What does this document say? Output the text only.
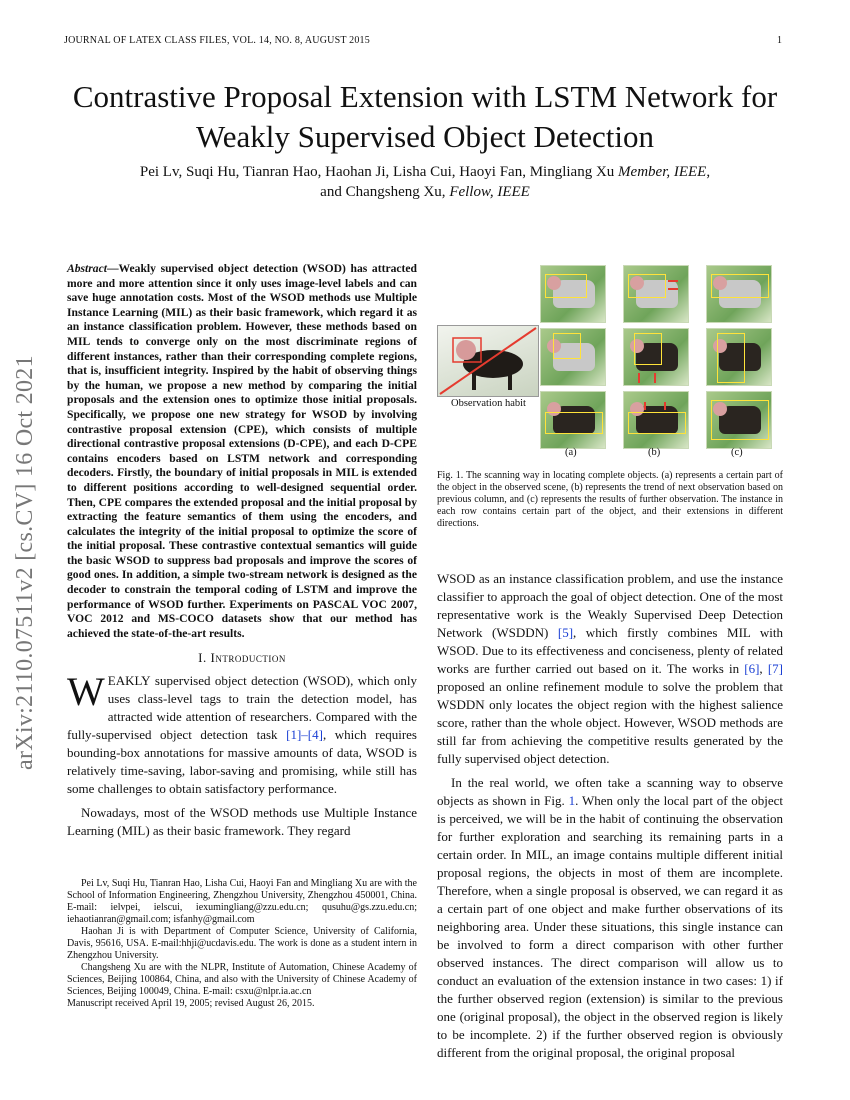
JOURNAL OF LATEX CLASS FILES, VOL. 14, NO. 8, AUGUST 2015	1
Contrastive Proposal Extension with LSTM Network for Weakly Supervised Object Detection
Pei Lv, Suqi Hu, Tianran Hao, Haohan Ji, Lisha Cui, Haoyi Fan, Mingliang Xu Member, IEEE,
and Changsheng Xu, Fellow, IEEE
arXiv:2110.07511v2 [cs.CV] 16 Oct 2021
Abstract—Weakly supervised object detection (WSOD) has attracted more and more attention since it only uses image-level labels and can save huge annotation costs. Most of the WSOD methods use Multiple Instance Learning (MIL) as their basic framework, which regard it as an instance classification problem. However, these methods based on MIL tends to converge only on the most discriminate regions of different instances, rather than their corresponding complete regions, that is, insufficient integrity. Inspired by the habit of observing things by the human, we propose a new method by comparing the initial proposals and the extension ones to optimize those initial proposals. Specifically, we propose one new strategy for WSOD by involving contrastive proposal extension (CPE), which consists of multiple directional contrastive proposal extensions (D-CPE), and each D-CPE contains encoders based on LSTM network and corresponding decoders. Firstly, the boundary of initial proposals in MIL is extended to different positions according to well-designed sequential order. Then, CPE compares the extended proposal and the initial proposal by extracting the feature semantics of them using the encoders, and calculates the integrity of the initial proposal to optimize the score of the initial proposal. These contrastive contextual semantics will guide the basic WSOD to suppress bad proposals and improve the scores of good ones. In addition, a simple two-stream network is designed as the decoder to constrain the temporal coding of LSTM and improve the performance of WSOD further. Experiments on PASCAL VOC 2007, VOC 2012 and MS-COCO datasets show that our method has achieved the state-of-the-art results.
I. Introduction

WEAKLY supervised object detection (WSOD), which only uses class-level tags to train the detection model, has attracted wide attention of researchers. Compared with the fully-supervised object detection task [1]–[4], which requires bounding-box annotations for massive amounts of data, WSOD is relatively time-saving, labor-saving and promising, while still has some challenges to obtain satisfactory performance.

Nowadays, most of the WSOD methods use Multiple Instance Learning (MIL) as their basic framework. They regard

Pei Lv, Suqi Hu, Tianran Hao, Lisha Cui, Haoyi Fan and Mingliang Xu are with the School of Information Engineering, Zhengzhou University, Zhengzhou 450001, China. E-mail: ielvpei, ielscui, iexumingliang@zzu.edu.cn; qusuhu@gs.zzu.edu.cn; iehaotianran@gmail.com; isfanhy@gmail.com

Haohan Ji is with Department of Computer Science, University of California, Davis, 95616, USA. E-mail:hhji@ucdavis.edu. The work is done as a student intern in Zhengzhou University.

Changsheng Xu are with the NLPR, Institute of Automation, Chinese Academy of Sciences, Beijing 100864, China, and also with the University of Chinese Academy of Sciences, Beijing 100049, China. E-mail: csxu@nlpr.ia.ac.cn

Manuscript received April 19, 2005; revised August 26, 2015.

Observation habit
(a)	(b)	(c)
Fig. 1. The scanning way in locating complete objects. (a) represents a certain part of the object in the observed scene, (b) represents the trend of next observation based on previous column, and (c) represents the results of further observation. The instance in each row contains certain part of the object, and their extensions in different directions.

WSOD as an instance classification problem, and use the instance classifier to approach the goal of object detection. One of the most representative work is the Weakly Supervised Deep Detection Network (WSDDN) [5], which firstly combines MIL with WSOD. Due to its effectiveness and conciseness, plenty of related works are further carried out based on it. The works in [6], [7] proposed an online refinement module to solve the problem that WSDDN only locates the object region with the highest salience score, rather than the whole object. However, WSOD methods are still far from achieving the competitive results generated by the fully supervised object detection.

In the real world, we often take a scanning way to observe objects as shown in Fig. 1. When only the local part of the object is perceived, we will be in the habit of continuing the observation for further exploration and searching its remaining parts in a certain order. In MIL, an image contains multiple different initial proposal regions, the objects in most of them are incomplete. Therefore, when a single proposal is observed, we can regard it as a certain part of one object and make further observations of its neighboring area. Under these situations, this single instance can be involved to form a direct comparison with other further observed instances. The direct comparison will allow us to conduct an evaluation of the extension instance in two cases: 1) if the further observed region (extension) is similar to the previous one (original proposal), the object in the observed region is likely to be incomplete. 2) if the further observed region is obviously different from the original proposal, the original proposal
